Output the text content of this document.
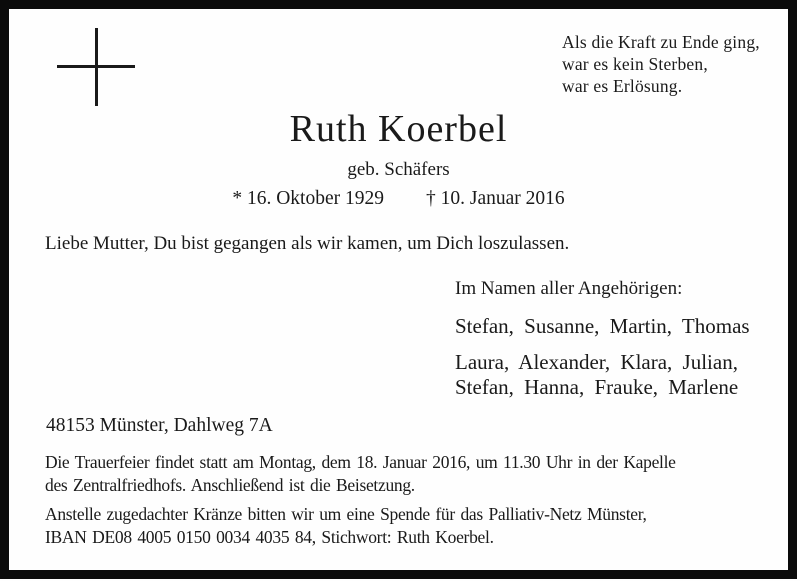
Als die Kraft zu Ende ging,
war es kein Sterben,
war es Erlösung.
Ruth Koerbel
geb. Schäfers
* 16. Oktober 1929 † 10. Januar 2016
Liebe Mutter, Du bist gegangen als wir kamen, um Dich loszulassen.
Im Namen aller Angehörigen:
Stefan, Susanne, Martin, Thomas
Laura, Alexander, Klara, Julian,
Stefan, Hanna, Frauke, Marlene
48153 Münster, Dahlweg 7A
Die Trauerfeier findet statt am Montag, dem 18. Januar 2016, um 11.30 Uhr in der Kapelle
des Zentralfriedhofs. Anschließend ist die Beisetzung.
Anstelle zugedachter Kränze bitten wir um eine Spende für das Palliativ-Netz Münster,
IBAN DE08 4005 0150 0034 4035 84, Stichwort: Ruth Koerbel.
